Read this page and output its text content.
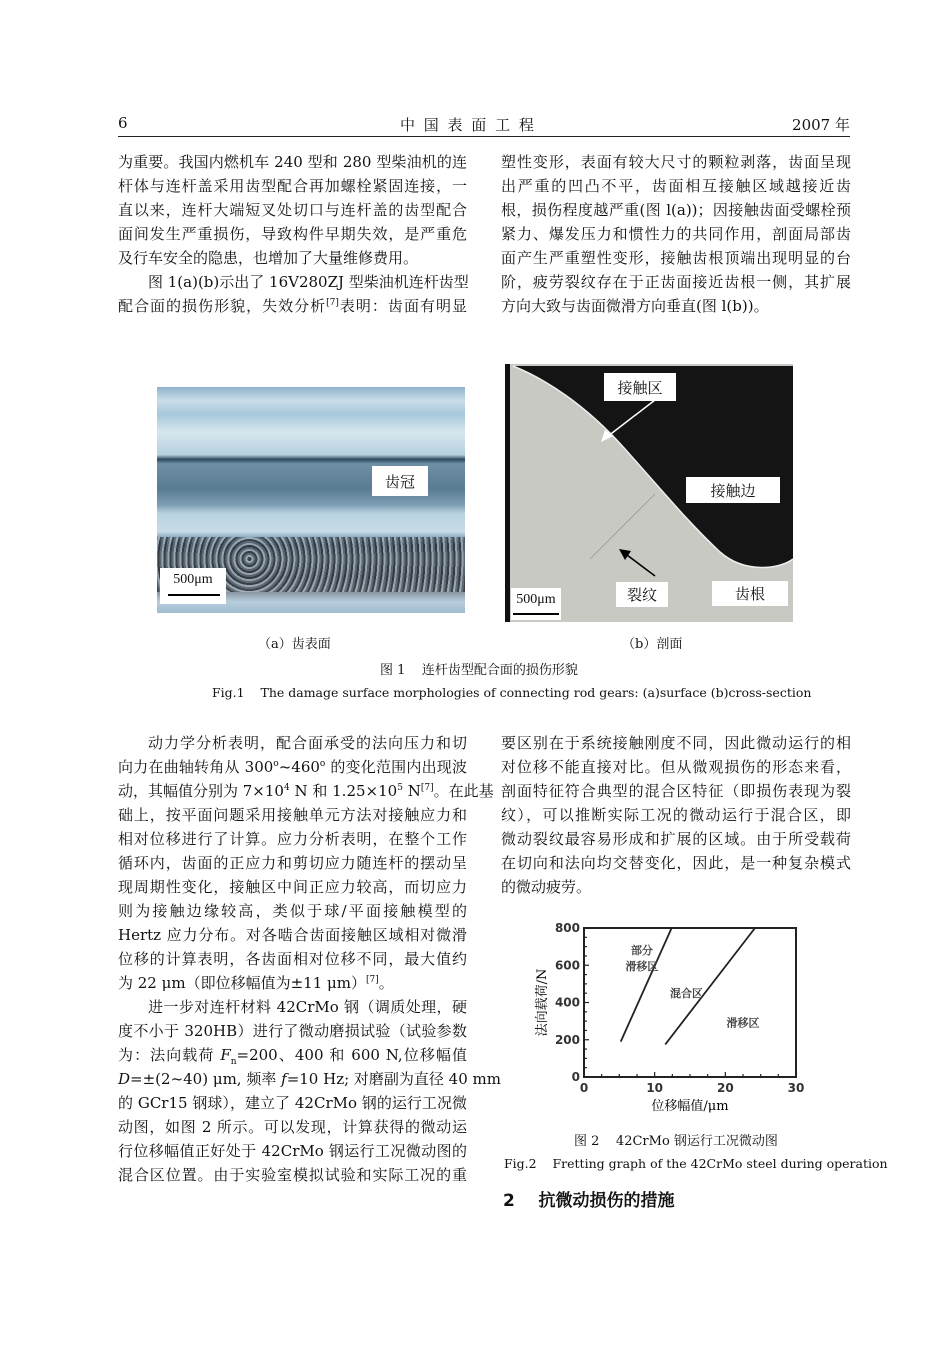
6	中 国 表 面 工 程	2007 年
为重要。我国内燃机车 240 型和 280 型柴油机的连
杆体与连杆盖采用齿型配合再加螺栓紧固连接，一
直以来，连杆大端短叉处切口与连杆盖的齿型配合
面间发生严重损伤，导致构件早期失效，是严重危
及行车安全的隐患，也增加了大量维修费用。
图 1(a)(b)示出了 16V280ZJ 型柴油机连杆齿型
配合面的损伤形貌，失效分析[7]表明：齿面有明显
塑性变形，表面有较大尺寸的颗粒剥落，齿面呈现
出严重的凹凸不平，齿面相互接触区域越接近齿
根，损伤程度越严重(图 l(a))；因接触齿面受螺栓预
紧力、爆发压力和惯性力的共同作用，剖面局部齿
面产生严重塑性变形，接触齿根顶端出现明显的台
阶，疲劳裂纹存在于正齿面接近齿根一侧，其扩展
方向大致与齿面微滑方向垂直(图 l(b))。
齿冠
500μm
接触区
接触边
裂纹	齿根
500μm
（a）齿表面	（b）剖面
图 1    连杆齿型配合面的损伤形貌
Fig.1    The damage surface morphologies of connecting rod gears: (a)surface (b)cross-section
动力学分析表明，配合面承受的法向压力和切
向力在曲轴转角从 300$^o$~460$^o$ 的变化范围内出现波
动，其幅值分别为 $7\times 10^4$ N 和 $1.25\times 10^5$ N[7]。在此基
础上，按平面问题采用接触单元方法对接触应力和
相对位移进行了计算。应力分析表明，在整个工作
循环内，齿面的正应力和剪切应力随连杆的摆动呈
现周期性变化，接触区中间正应力较高，而切应力
则为接触边缘较高，类似于球/平面接触模型的
Hertz 应力分布。对各啮合齿面接触区域相对微滑
位移的计算表明，各齿面相对位移不同，最大值约
为 22 μm（即位移幅值为±11 μm）[7]。
进一步对连杆材料 42CrMo 钢（调质处理，硬
度不小于 320HB）进行了微动磨损试验（试验参数
为：法向载荷 $F_n=200$、400 和 600 N,位移幅值
D=±(2~40) μm, 频率 f=10 Hz; 对磨副为直径 40 mm
的 GCr15 钢球），建立了 42CrMo 钢的运行工况微
动图，如图 2 所示。可以发现，计算获得的微动运
行位移幅值正好处于 42CrMo 钢运行工况微动图的
混合区位置。由于实验室模拟试验和实际工况的重
要区别在于系统接触刚度不同，因此微动运行的相
对位移不能直接对比。但从微观损伤的形态来看，
剖面特征符合典型的混合区特征（即损伤表现为裂
纹），可以推断实际工况的微动运行于混合区，即
微动裂纹最容易形成和扩展的区域。由于所受载荷
在切向和法向均交替变化，因此，是一种复杂模式
的微动疲劳。
0	10	20	30
0
200
400
600
800
部分
滑移区
混合区
滑移区
位移幅值/μm
法向载荷/N
图 2    42CrMo 钢运行工况微动图
Fig.2    Fretting graph of the 42CrMo steel during operation
2    抗微动损伤的措施
